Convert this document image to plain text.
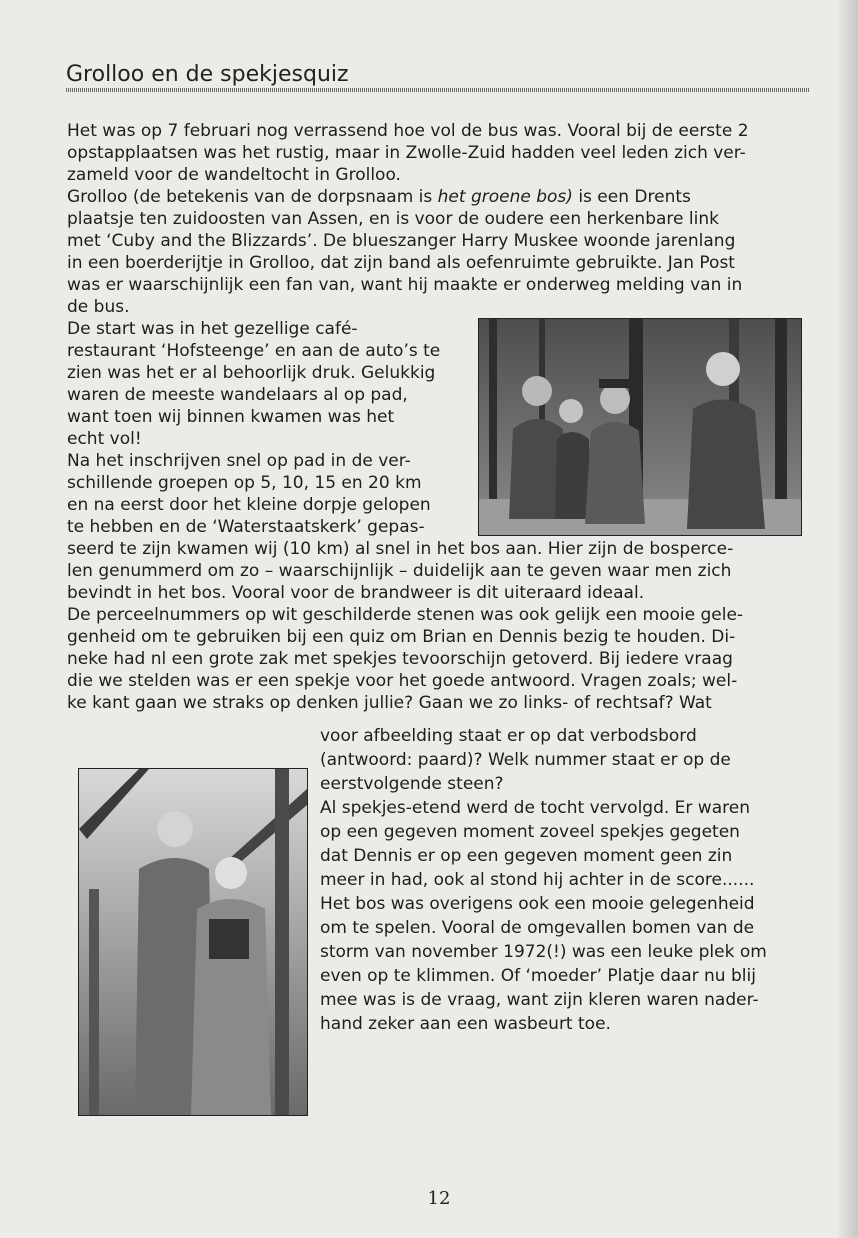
Grolloo en de spekjesquiz

Het was op 7 februari nog verrassend hoe vol de bus was. Vooral bij de eerste 2

opstapplaatsen was het rustig, maar in Zwolle-Zuid hadden veel leden zich ver-

zameld voor de wandeltocht in Grolloo.

Grolloo (de betekenis van de dorpsnaam is het groene bos) is een Drents

plaatsje ten zuidoosten van Assen, en is voor de oudere een herkenbare link

met ‘Cuby and the Blizzards’. De blueszanger Harry Muskee woonde jarenlang

in een boerderijtje in Grolloo, dat zijn band als oefenruimte gebruikte. Jan Post

was er waarschijnlijk een fan van, want hij maakte er onderweg melding van in

de bus.

De start was in het gezellige café-

restaurant ‘Hofsteenge’ en aan de auto’s te

zien was het er al behoorlijk druk. Gelukkig

waren de meeste wandelaars al op pad,

want toen wij binnen kwamen was het

echt vol!

Na het inschrijven snel op pad in de ver-

schillende groepen op 5, 10, 15 en 20 km

en na eerst door het kleine dorpje gelopen

te hebben en de ‘Waterstaatskerk’ gepas-

seerd te zijn kwamen wij (10 km) al snel in het bos aan. Hier zijn de bosperce-

len genummerd om zo – waarschijnlijk – duidelijk aan te geven waar men zich

bevindt in het bos. Vooral voor de brandweer is dit uiteraard ideaal.

De perceelnummers op wit geschilderde stenen was ook gelijk een mooie gele-

genheid om te gebruiken bij een quiz om Brian en Dennis bezig te houden. Di-

neke had nl een grote zak met spekjes tevoorschijn getoverd. Bij iedere vraag

die we stelden was er een spekje voor het goede antwoord. Vragen zoals; wel-

ke kant gaan we straks op denken jullie? Gaan we zo links- of rechtsaf? Wat

voor afbeelding staat er op dat verbodsbord

(antwoord: paard)? Welk nummer staat er op de

eerstvolgende steen?

Al spekjes-etend werd de tocht vervolgd. Er waren

op een gegeven moment zoveel spekjes gegeten

dat Dennis er op een gegeven moment geen zin

meer in had, ook al stond hij achter in de score......

Het bos was overigens ook een mooie gelegenheid

om te spelen. Vooral de omgevallen bomen van de

storm van november 1972(!) was een leuke plek om

even op te klimmen. Of ‘moeder’ Platje daar nu blij

mee was is de vraag, want zijn kleren waren nader-

hand zeker aan een wasbeurt toe.

12
